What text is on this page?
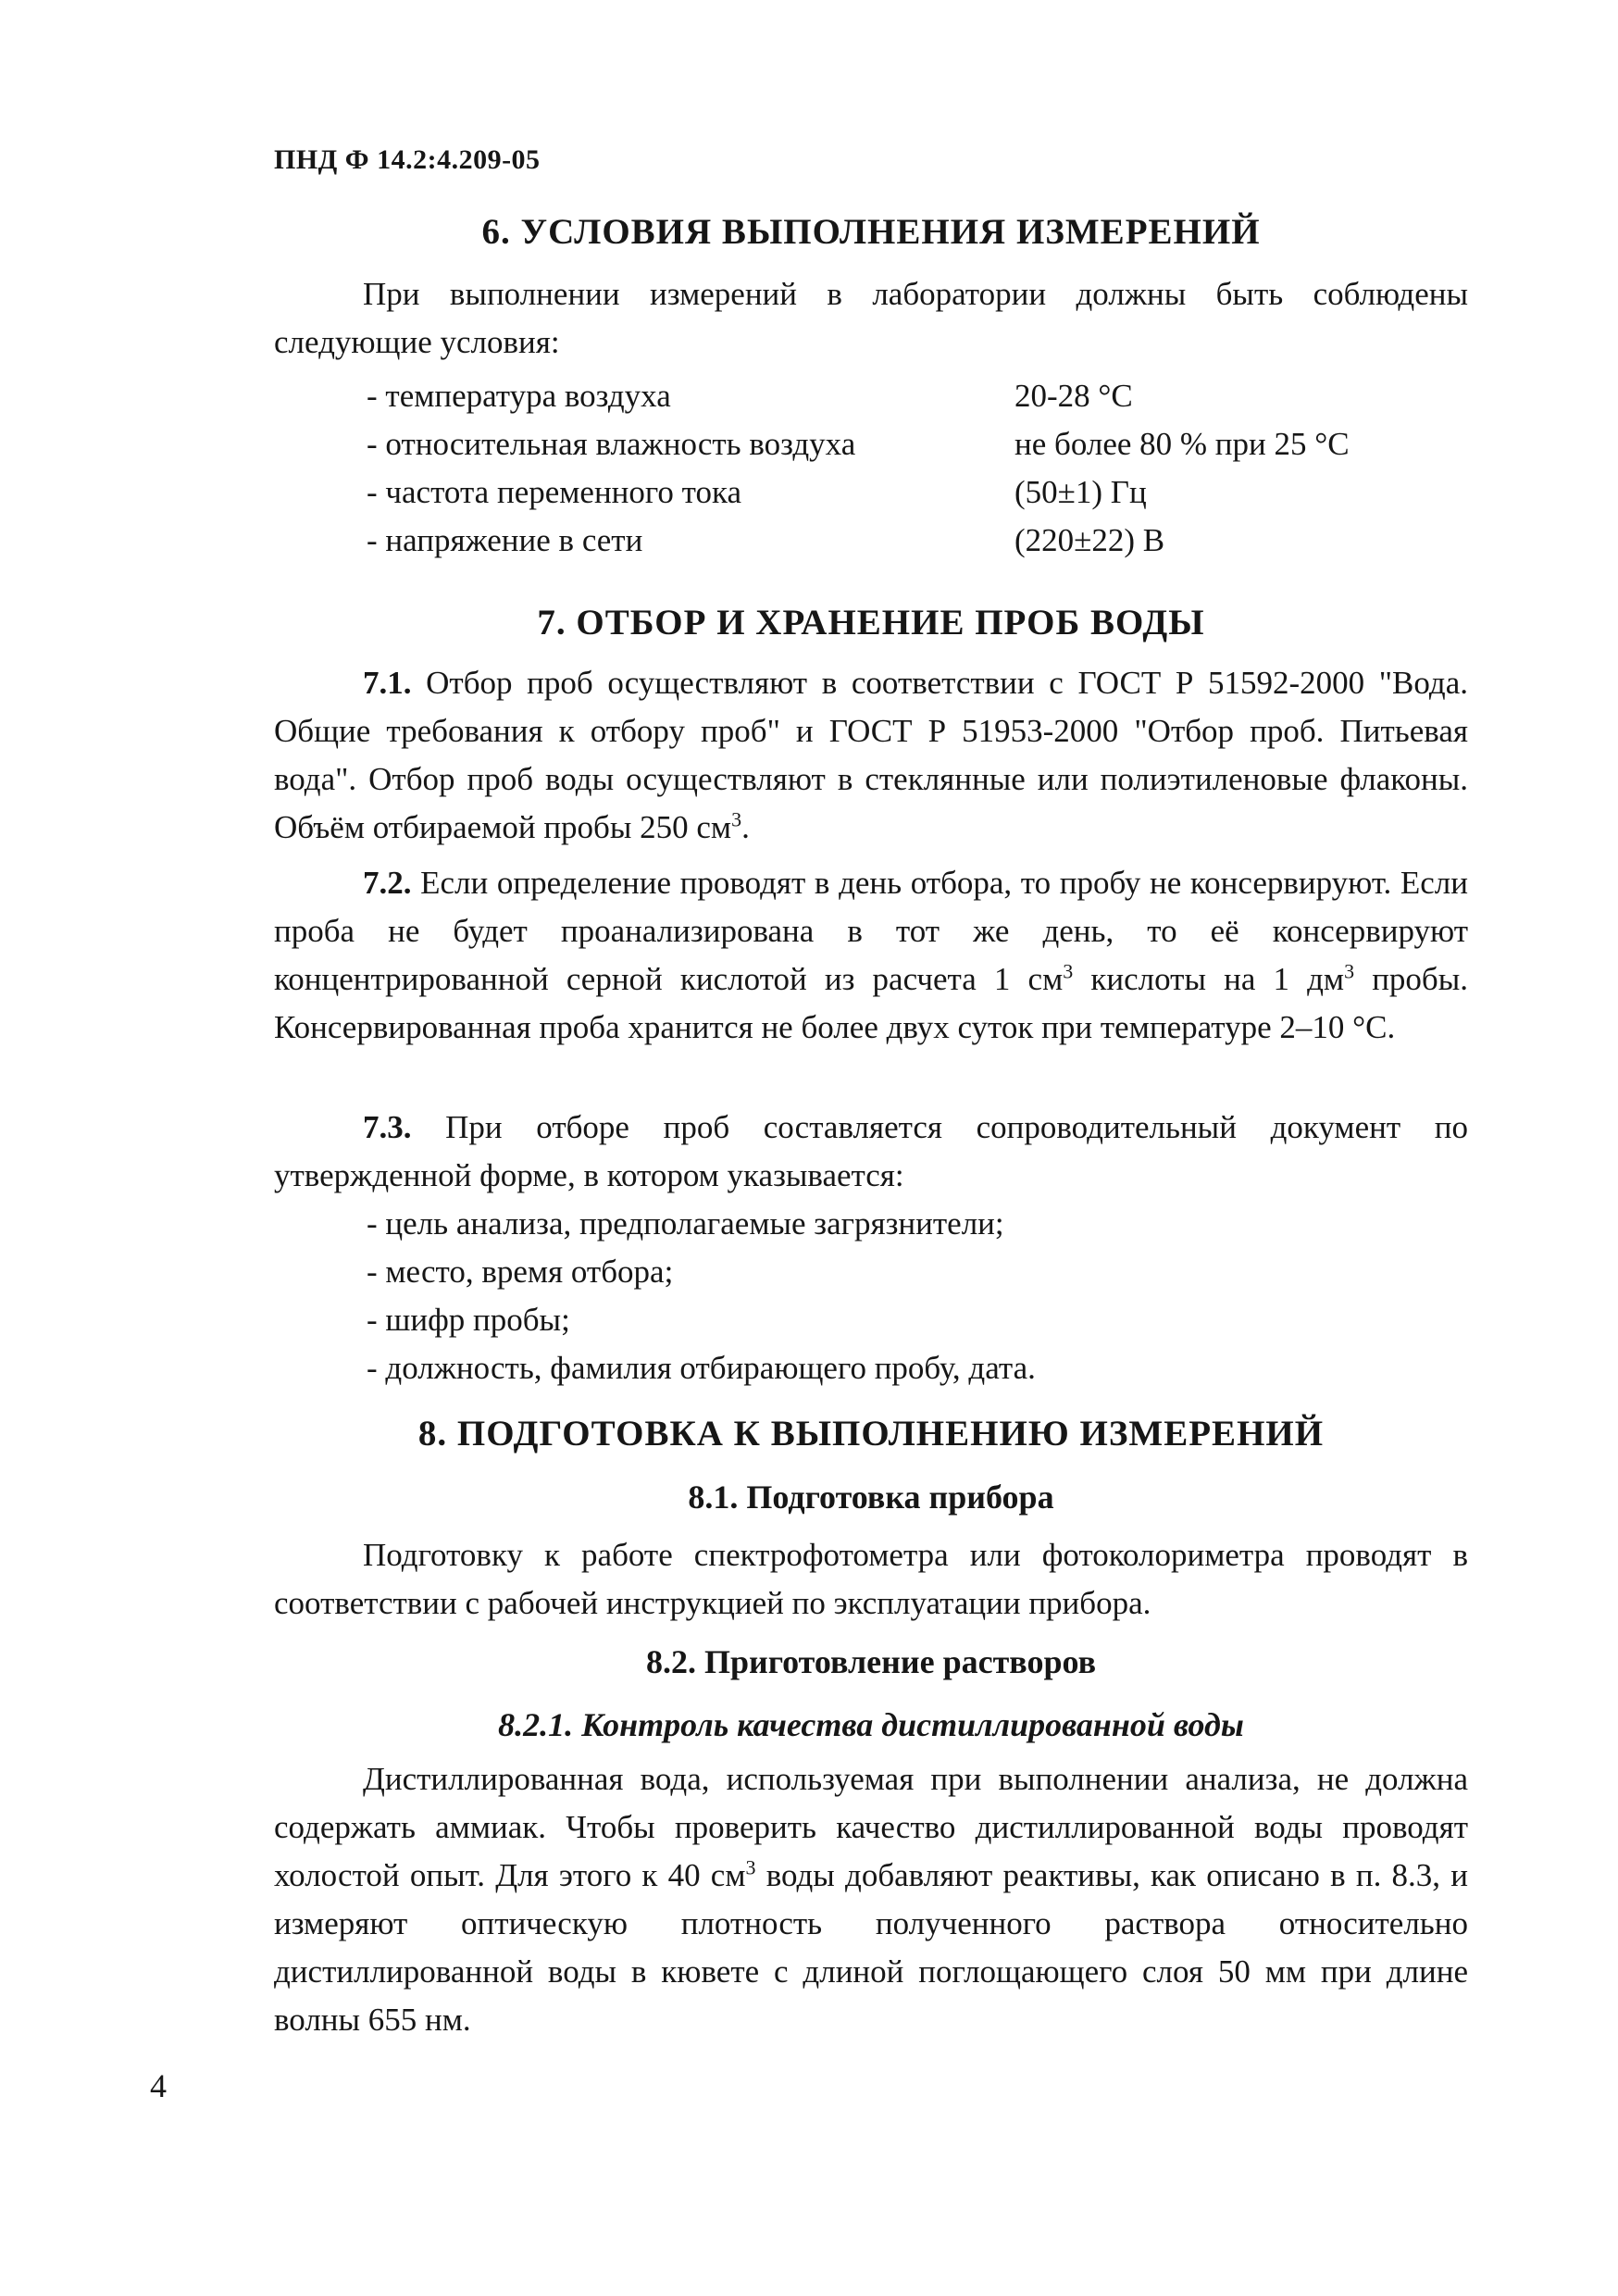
ПНД Ф 14.2:4.209-05
6. УСЛОВИЯ ВЫПОЛНЕНИЯ ИЗМЕРЕНИЙ
При выполнении измерений в лаборатории должны быть соблюдены следующие условия:
- температура воздуха	20-28 °С
- относительная влажность воздуха	не более 80 % при 25 °С
- частота переменного тока	(50±1) Гц
- напряжение в сети	(220±22) В
7. ОТБОР И ХРАНЕНИЕ ПРОБ ВОДЫ
7.1. Отбор проб осуществляют в соответствии с ГОСТ Р 51592-2000 "Вода. Общие требования к отбору проб" и ГОСТ Р 51953-2000 "Отбор проб. Питьевая вода". Отбор проб воды осуществляют в стеклянные или полиэтиленовые флаконы. Объём отбираемой пробы 250 $см^3$.
7.2. Если определение проводят в день отбора, то пробу не консервируют. Если проба не будет проанализирована в тот же день, то её консервируют концентрированной серной кислотой из расчета 1 $см^3$ кислоты на 1 $дм^3$ пробы. Консервированная проба хранится не более двух суток при температуре 2–10 °С.
7.3. При отборе проб составляется сопроводительный документ по утвержденной форме, в котором указывается:
- цель анализа, предполагаемые загрязнители;
- место, время отбора;
- шифр пробы;
- должность, фамилия отбирающего пробу, дата.
8. ПОДГОТОВКА К ВЫПОЛНЕНИЮ ИЗМЕРЕНИЙ
8.1. Подготовка прибора
Подготовку к работе спектрофотометра или фотоколориметра проводят в соответствии с рабочей инструкцией по эксплуатации прибора.
8.2. Приготовление растворов
8.2.1. Контроль качества дистиллированной воды
Дистиллированная вода, используемая при выполнении анализа, не должна содержать аммиак. Чтобы проверить качество дистиллированной воды проводят холостой опыт. Для этого к 40 $см^3$ воды добавляют реактивы, как описано в п. 8.3, и измеряют оптическую плотность полученного раствора относительно дистиллированной воды в кювете с длиной поглощающего слоя 50 мм при длине волны 655 нм.
4
